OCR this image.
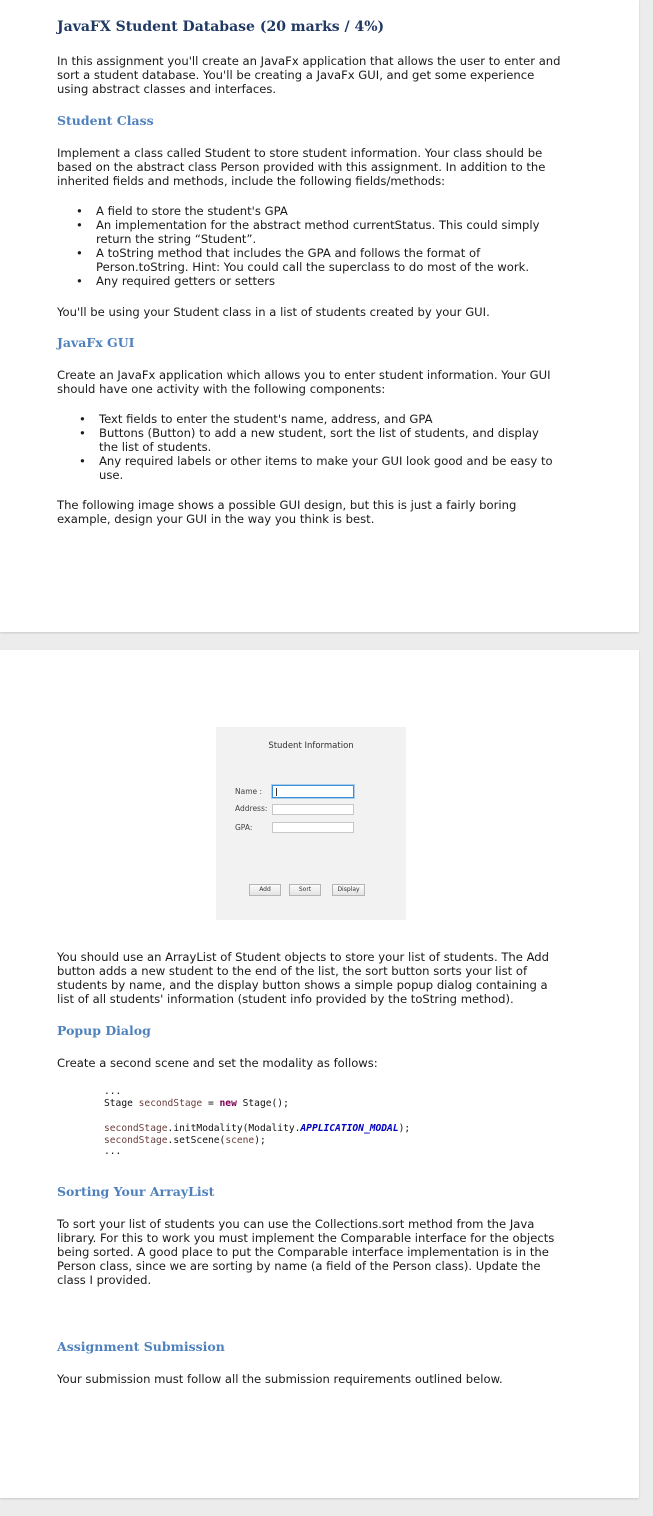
JavaFX Student Database (20 marks / 4%)

In this assignment you'll create an JavaFx application that allows the user to enter and sort a student database. You'll be creating a JavaFx GUI, and get some experience using abstract classes and interfaces.

Student Class

Implement a class called Student to store student information. Your class should be based on the abstract class Person provided with this assignment. In addition to the inherited fields and methods, include the following fields/methods:

• A field to store the student's GPA
• An implementation for the abstract method currentStatus. This could simply return the string “Student”.
• A toString method that includes the GPA and follows the format of Person.toString. Hint: You could call the superclass to do most of the work.
• Any required getters or setters

You'll be using your Student class in a list of students created by your GUI.

JavaFx GUI

Create an JavaFx application which allows you to enter student information. Your GUI should have one activity with the following components:

• Text fields to enter the student's name, address, and GPA
• Buttons (Button) to add a new student, sort the list of students, and display the list of students.
• Any required labels or other items to make your GUI look good and be easy to use.

The following image shows a possible GUI design, but this is just a fairly boring example, design your GUI in the way you think is best.

Student Information
Name :
Address:
GPA:
Add	Sort	Display

You should use an ArrayList of Student objects to store your list of students. The Add button adds a new student to the end of the list, the sort button sorts your list of students by name, and the display button shows a simple popup dialog containing a list of all students' information (student info provided by the toString method).

Popup Dialog

Create a second scene and set the modality as follows:

...
Stage secondStage = new Stage();
secondStage.initModality(Modality.APPLICATION_MODAL);
secondStage.setScene(scene);
...
Sorting Your ArrayList

To sort your list of students you can use the Collections.sort method from the Java library. For this to work you must implement the Comparable interface for the objects being sorted. A good place to put the Comparable interface implementation is in the Person class, since we are sorting by name (a field of the Person class). Update the class I provided.

Assignment Submission

Your submission must follow all the submission requirements outlined below.
